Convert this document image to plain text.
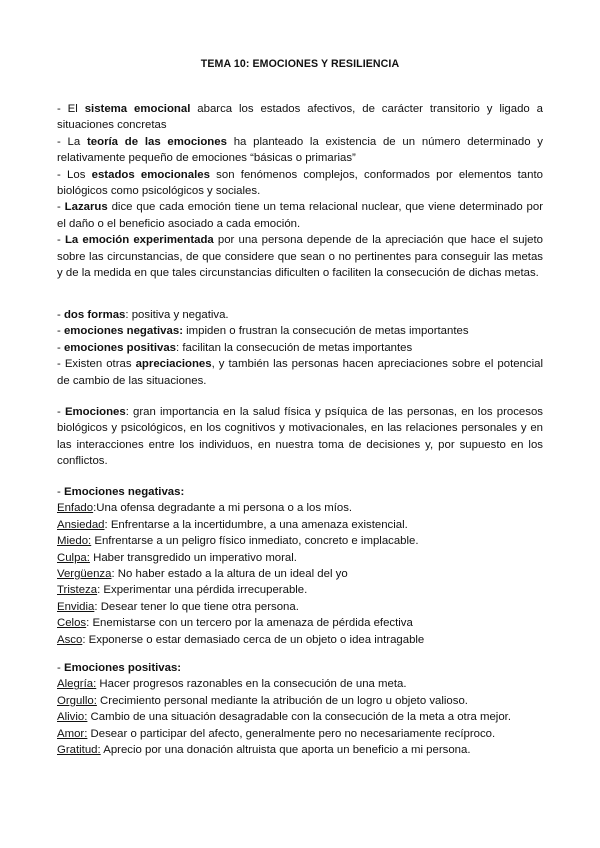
TEMA 10: EMOCIONES Y RESILIENCIA

- El sistema emocional abarca los estados afectivos, de carácter transitorio y ligado a situaciones concretas

- La teoría de las emociones ha planteado la existencia de un número determinado y relativamente pequeño de emociones “básicas o primarias”

- Los estados emocionales son fenómenos complejos, conformados por elementos tanto biológicos como psicológicos y sociales.

- Lazarus dice que cada emoción tiene un tema relacional nuclear, que viene determinado por el daño o el beneficio asociado a cada emoción.

- La emoción experimentada por una persona depende de la apreciación que hace el sujeto sobre las circunstancias, de que considere que sean o no pertinentes para conseguir las metas y de la medida en que tales circunstancias dificulten o faciliten la consecución de dichas metas.

- dos formas: positiva y negativa.

- emociones negativas: impiden o frustran la consecución de metas importantes

- emociones positivas: facilitan la consecución de metas importantes

- Existen otras apreciaciones, y también las personas hacen apreciaciones sobre el potencial de cambio de las situaciones.

- Emociones: gran importancia en la salud física y psíquica de las personas, en los procesos biológicos y psicológicos, en los cognitivos y motivacionales, en las relaciones personales y en las interacciones entre los individuos, en nuestra toma de decisiones y, por supuesto en los conflictos.

- Emociones negativas:

Enfado:Una ofensa degradante a mi persona o a los míos.

Ansiedad: Enfrentarse a la incertidumbre, a una amenaza existencial.

Miedo: Enfrentarse a un peligro físico inmediato, concreto e implacable.

Culpa: Haber transgredido un imperativo moral.

Vergüenza: No haber estado a la altura de un ideal del yo

Tristeza: Experimentar una pérdida irrecuperable.

Envidia: Desear tener lo que tiene otra persona.

Celos: Enemistarse con un tercero por la amenaza de pérdida efectiva

Asco: Exponerse o estar demasiado cerca de un objeto o idea intragable

- Emociones positivas:

Alegría: Hacer progresos razonables en la consecución de una meta.

Orgullo: Crecimiento personal mediante la atribución de un logro u objeto valioso.

Alivio: Cambio de una situación desagradable con la consecución de la meta a otra mejor.

Amor: Desear o participar del afecto, generalmente pero no necesariamente recíproco.

Gratitud: Aprecio por una donación altruista que aporta un beneficio a mi persona.
